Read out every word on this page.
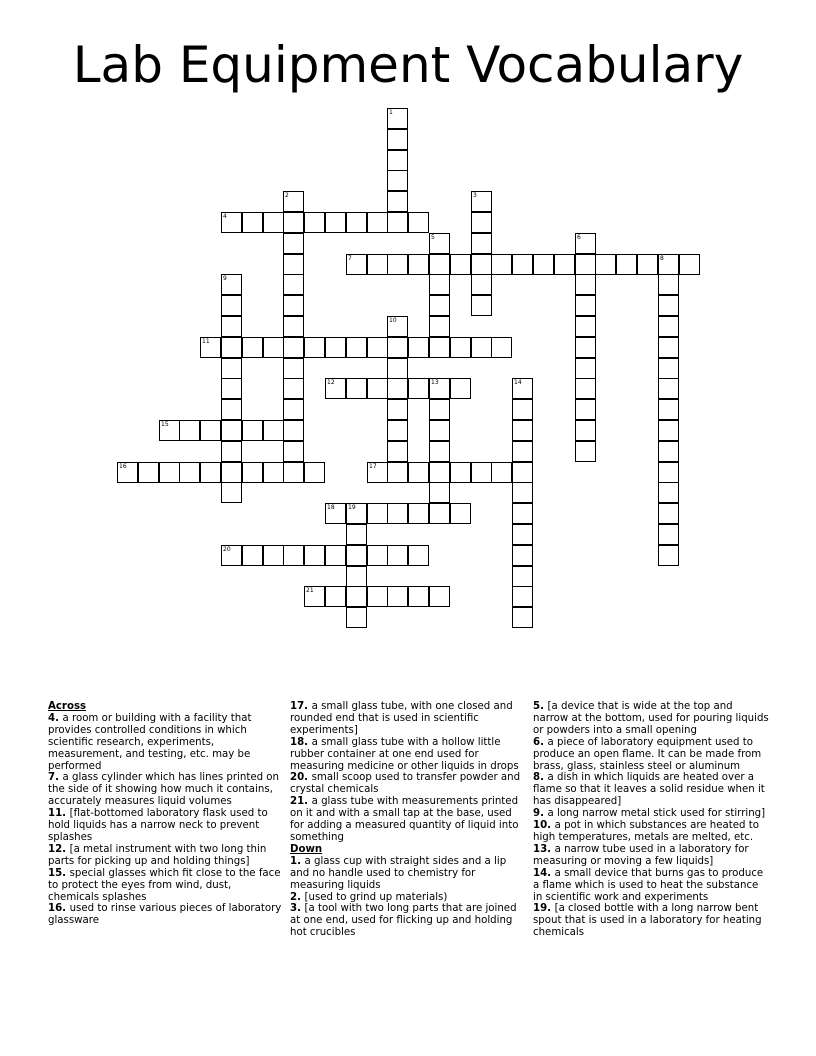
Lab Equipment Vocabulary
1
2	3
4
5	6
7	8
9
10
11
12	13	14
15
16	17
18 19
20
21
Across
4. a room or building with a facility that provides controlled conditions in which scientific research, experiments, measurement, and testing, etc. may be performed
7. a glass cylinder which has lines printed on the side of it showing how much it contains, accurately measures liquid volumes
11. [flat-bottomed laboratory flask used to hold liquids has a narrow neck to prevent splashes
12. [a metal instrument with two long thin parts for picking up and holding things]
15. special glasses which fit close to the face to protect the eyes from wind, dust, chemicals splashes
16. used to rinse various pieces of laboratory glassware
17. a small glass tube, with one closed and rounded end that is used in scientific experiments]
18. a small glass tube with a hollow little rubber container at one end used for measuring medicine or other liquids in drops
20. small scoop used to transfer powder and crystal chemicals
21. a glass tube with measurements printed on it and with a small tap at the base, used for adding a measured quantity of liquid into something
Down
1. a glass cup with straight sides and a lip and no handle used to chemistry for measuring liquids
2. [used to grind up materials)
3. [a tool with two long parts that are joined at one end, used for flicking up and holding hot crucibles
5. [a device that is wide at the top and narrow at the bottom, used for pouring liquids or powders into a small opening
6. a piece of laboratory equipment used to produce an open flame. It can be made from brass, glass, stainless steel or aluminum
8. a dish in which liquids are heated over a flame so that it leaves a solid residue when it has disappeared]
9. a long narrow metal stick used for stirring]
10. a pot in which substances are heated to high temperatures, metals are melted, etc.
13. a narrow tube used in a laboratory for measuring or moving a few liquids]
14. a small device that burns gas to produce a flame which is used to heat the substance in scientific work and experiments
19. [a closed bottle with a long narrow bent spout that is used in a laboratory for heating chemicals
